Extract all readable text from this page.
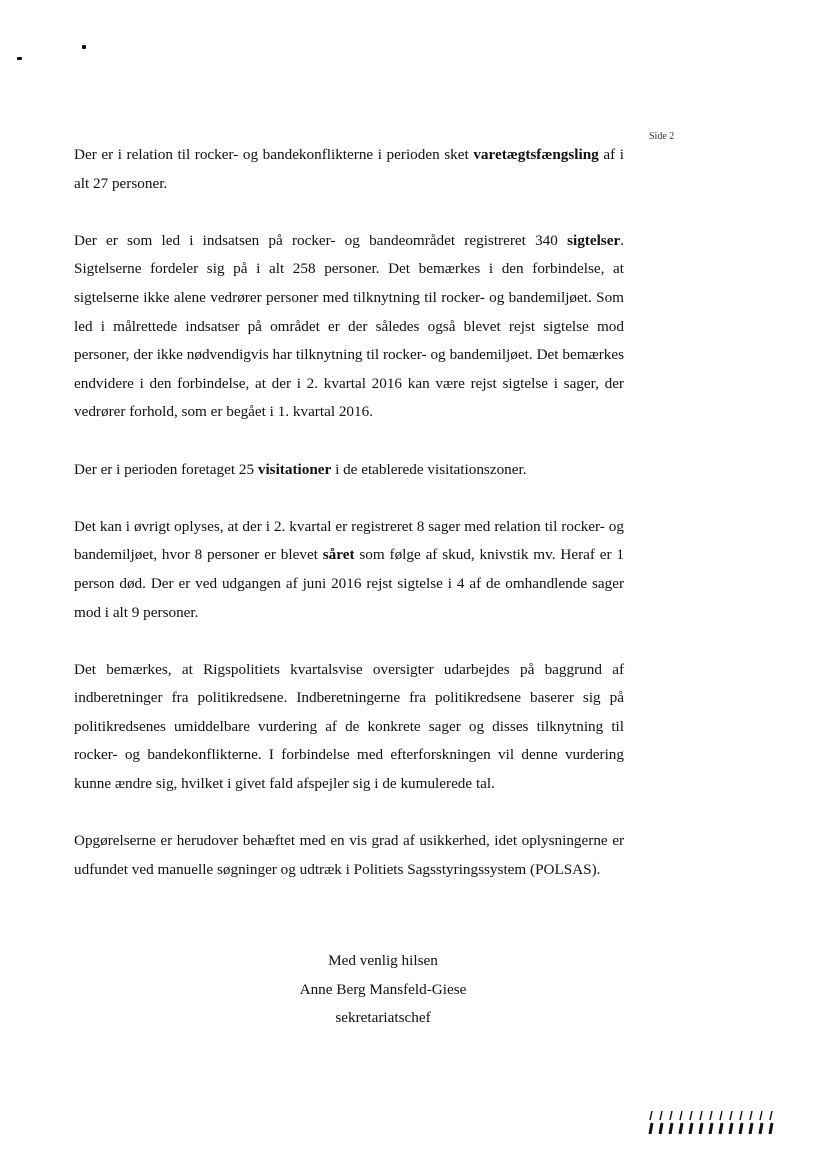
Side 2

Der er i relation til rocker- og bandekonflikterne i perioden sket varetægtsfængsling af i alt 27 personer.

Der er som led i indsatsen på rocker- og bandeområdet registreret 340 sigtelser. Sigtelserne fordeler sig på i alt 258 personer. Det bemærkes i den forbindelse, at sigtelserne ikke alene vedrører personer med tilknytning til rocker- og bandemiljøet. Som led i målrettede indsatser på området er der således også blevet rejst sigtelse mod personer, der ikke nødvendigvis har tilknytning til rocker- og bandemiljøet. Det bemærkes endvidere i den forbindelse, at der i 2. kvartal 2016 kan være rejst sigtelse i sager, der vedrører forhold, som er begået i 1. kvartal 2016.

Der er i perioden foretaget 25 visitationer i de etablerede visitationszoner.

Det kan i øvrigt oplyses, at der i 2. kvartal er registreret 8 sager med relation til rocker- og bandemiljøet, hvor 8 personer er blevet såret som følge af skud, knivstik mv. Heraf er 1 person død. Der er ved udgangen af juni 2016 rejst sigtelse i 4 af de omhandlende sager mod i alt 9 personer.

Det bemærkes, at Rigspolitiets kvartalsvise oversigter udarbejdes på baggrund af indberetninger fra politikredsene. Indberetningerne fra politikredsene baserer sig på politikredsenes umiddelbare vurdering af de konkrete sager og disses tilknytning til rocker- og bandekonflikterne. I forbindelse med efterforskningen vil denne vurdering kunne ændre sig, hvilket i givet fald afspejler sig i de kumulerede tal.

Opgørelserne er herudover behæftet med en vis grad af usikkerhed, idet oplysningerne er udfundet ved manuelle søgninger og udtræk i Politiets Sagsstyringssystem (POLSAS).

Med venlig hilsen
Anne Berg Mansfeld-Giese
sekretariatschef
